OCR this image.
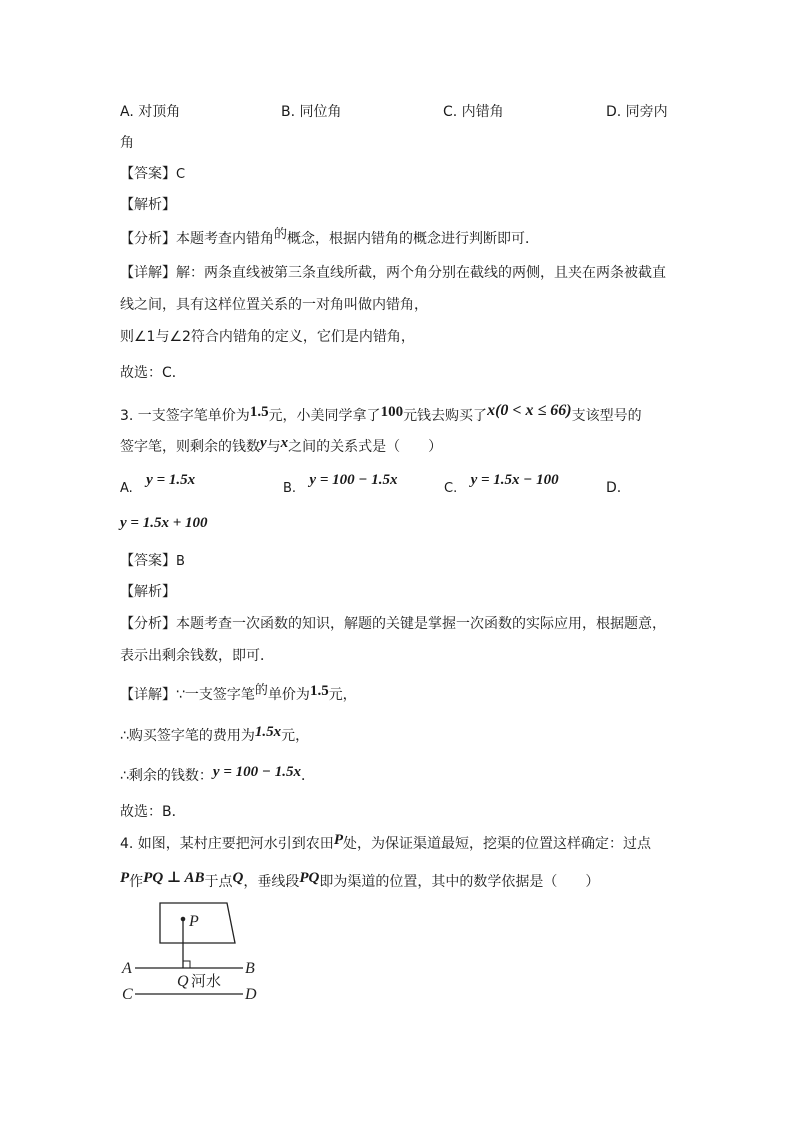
A. 对顶角	B. 同位角	C. 内错角	D. 同旁内
角
【答案】C
【解析】
【分析】本题考查内错角的概念，根据内错角的概念进行判断即可．
【详解】解：两条直线被第三条直线所截，两个角分别在截线的两侧，且夹在两条被截直
线之间，具有这样位置关系的一对角叫做内错角，
则∠1与∠2符合内错角的定义，它们是内错角，
故选：C．
3. 一支签字笔单价为1.5元，小美同学拿了100元钱去购买了x(0 < x ≤ 66)支该型号的
签字笔，则剩余的钱数y与x之间的关系式是（　　）
A.   y = 1.5x
B.   y = 100 − 1.5x
C.   y = 1.5x − 100	D.
y = 1.5x + 100
【答案】B
【解析】
【分析】本题考查一次函数的知识，解题的关键是掌握一次函数的实际应用，根据题意，
表示出剩余钱数，即可．
【详解】∵一支签字笔的单价为1.5元，
∴购买签字笔的费用为1.5x元，
∴剩余的钱数：y = 100 − 1.5x．
故选：B．
4. 如图，某村庄要把河水引到农田P处，为保证渠道最短，挖渠的位置这样确定：过点
P作PQ ⊥ AB于点Q，垂线段PQ即为渠道的位置，其中的数学依据是（　　）
P
A	B
C	D
Q 河水
